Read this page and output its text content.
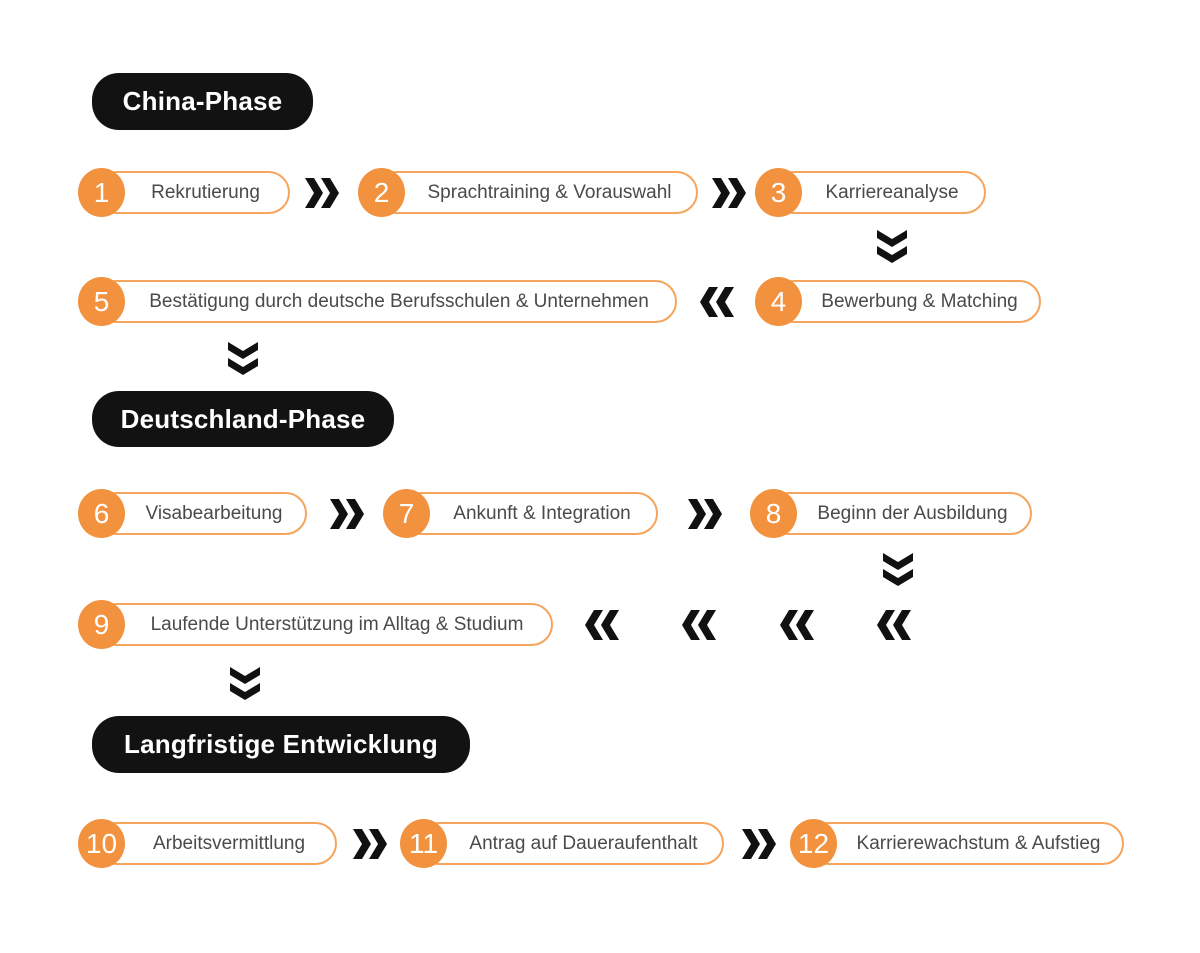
China-Phase
Rekrutierung
1	Sprachtraining & Vorauswahl
2	Karriereanalyse
3
Bestätigung durch deutsche Berufsschulen & Unternehmen
5	Bewerbung & Matching
4
Deutschland-Phase
Visabearbeitung
6	Ankunft & Integration
7	Beginn der Ausbildung
8
Laufende Unterstützung im Alltag & Studium
9
Langfristige Entwicklung
Arbeitsvermittlung
10	Antrag auf Daueraufenthalt
11	Karrierewachstum & Aufstieg
12
